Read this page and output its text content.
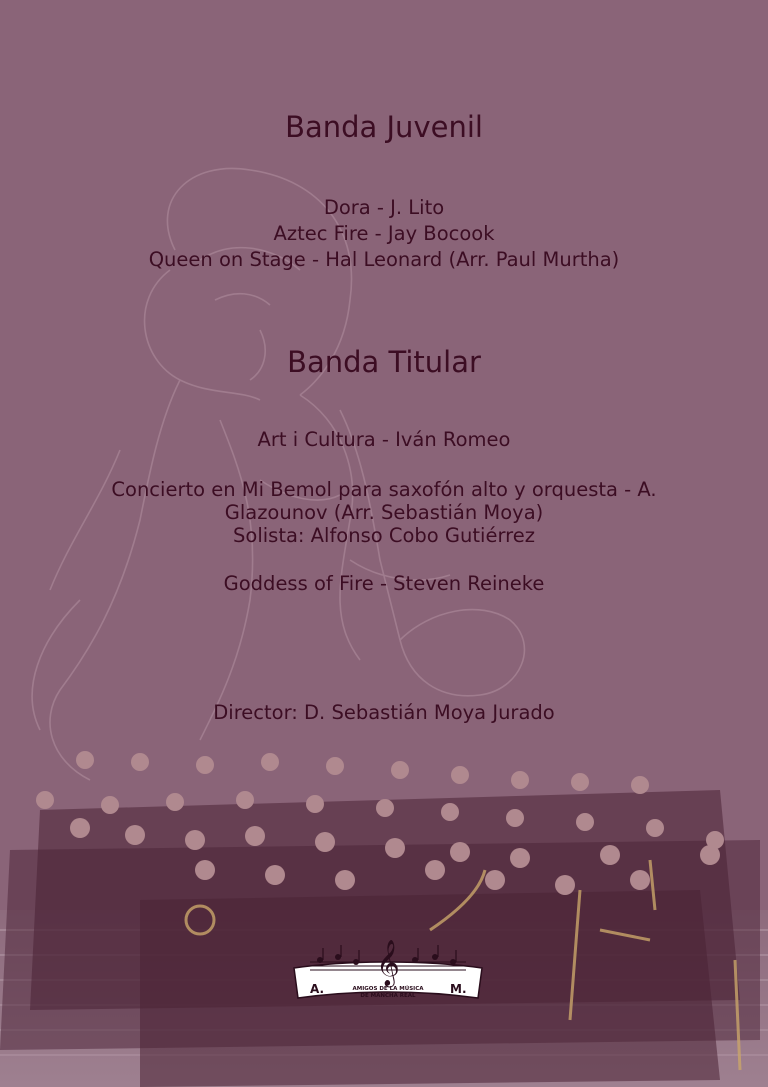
Banda Juvenil
Dora - J. Lito
Aztec Fire - Jay Bocook
Queen on Stage - Hal Leonard (Arr. Paul Murtha)
Banda Titular
Art i Cultura - Iván Romeo
Concierto en Mi Bemol para saxofón alto y orquesta - A.
Glazounov (Arr. Sebastián Moya)
Solista: Alfonso Cobo Gutiérrez
Goddess of Fire - Steven Reineke
Director: D. Sebastián Moya Jurado
𝄞
A.	M.
AMIGOS DE LA MÚSICA
DE MANCHA REAL
